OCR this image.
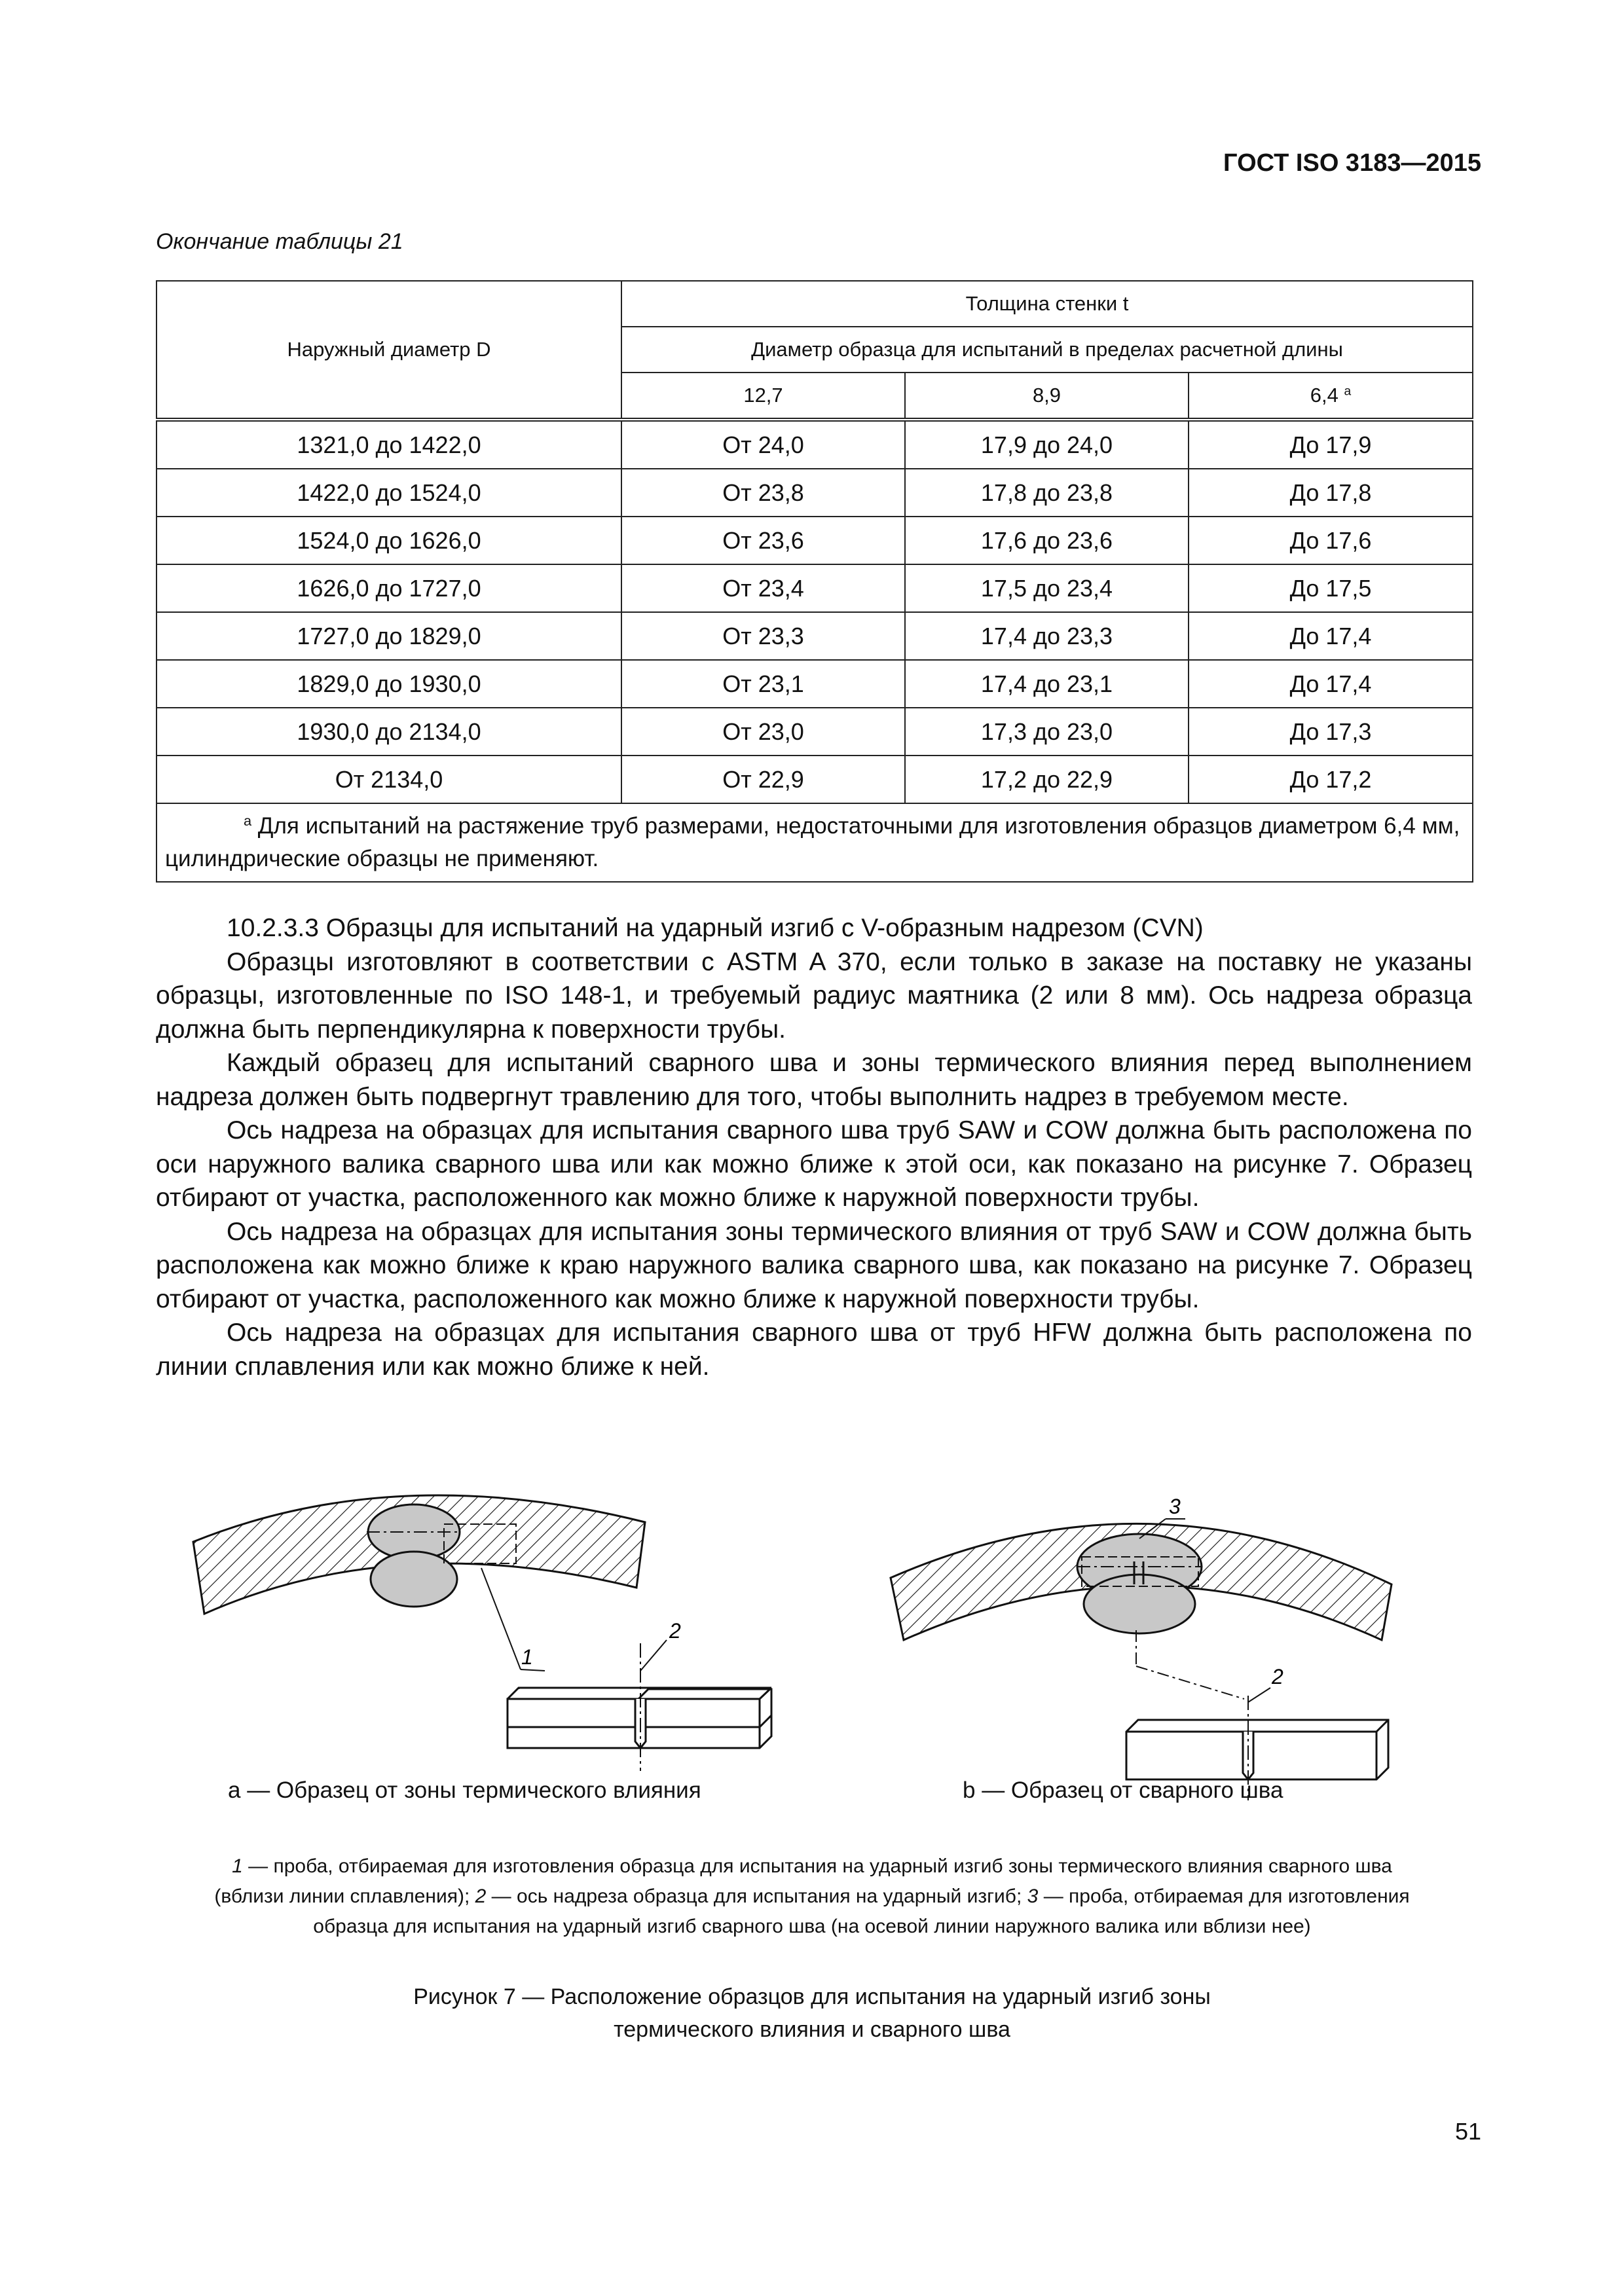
ГОСТ ISO 3183—2015
Окончание таблицы 21
Наружный диаметр D	Толщина стенки t		
	Диаметр образца для испытаний в пределах расчетной длины		
	12,7	8,9	6,4 $^a$
1321,0 до 1422,0	От 24,0	17,9 до 24,0	До 17,9
1422,0 до 1524,0	От 23,8	17,8 до 23,8	До 17,8
1524,0 до 1626,0	От 23,6	17,6 до 23,6	До 17,6
1626,0 до 1727,0	От 23,4	17,5 до 23,4	До 17,5
1727,0 до 1829,0	От 23,3	17,4 до 23,3	До 17,4
1829,0 до 1930,0	От 23,1	17,4 до 23,1	До 17,4
1930,0 до 2134,0	От 23,0	17,3 до 23,0	До 17,3
От 2134,0	От 22,9	17,2 до 22,9	До 17,2
$^a$ Для испытаний на растяжение труб размерами, недостаточными для изготовления образцов диаметром 6,4 мм, цилиндрические образцы не применяют.			

10.2.3.3 Образцы для испытаний на ударный изгиб с V-образным надрезом (CVN)

Образцы изготовляют в соответствии с ASTM A 370, если только в заказе на поставку не указаны образцы, изготовленные по ISO 148-1, и требуемый радиус маятника (2 или 8 мм). Ось надреза образца должна быть перпендикулярна к поверхности трубы.

Каждый образец для испытаний сварного шва и зоны термического влияния перед выполнением надреза должен быть подвергнут травлению для того, чтобы выполнить надрез в требуемом месте.

Ось надреза на образцах для испытания сварного шва труб SAW и COW должна быть расположена по оси наружного валика сварного шва или как можно ближе к этой оси, как показано на рисунке 7. Образец отбирают от участка, расположенного как можно ближе к наружной поверхности трубы.

Ось надреза на образцах для испытания зоны термического влияния от труб SAW и COW должна быть расположена как можно ближе к краю наружного валика сварного шва, как показано на рисунке 7. Образец отбирают от участка, расположенного как можно ближе к наружной поверхности трубы.

Ось надреза на образцах для испытания сварного шва от труб HFW должна быть расположена по линии сплавления или как можно ближе к ней.

1
2
3
2
a — Образец от зоны термического влияния	b — Образец от сварного шва
1 — проба, отбираемая для изготовления образца для испытания на ударный изгиб зоны термического влияния сварного шва (вблизи линии сплавления); 2 — ось надреза образца для испытания на ударный изгиб; 3 — проба, отбираемая для изготовления образца для испытания на ударный изгиб сварного шва (на осевой линии наружного валика или вблизи нее)
Рисунок 7 — Расположение образцов для испытания на ударный изгиб зоны
термического влияния и сварного шва
51
